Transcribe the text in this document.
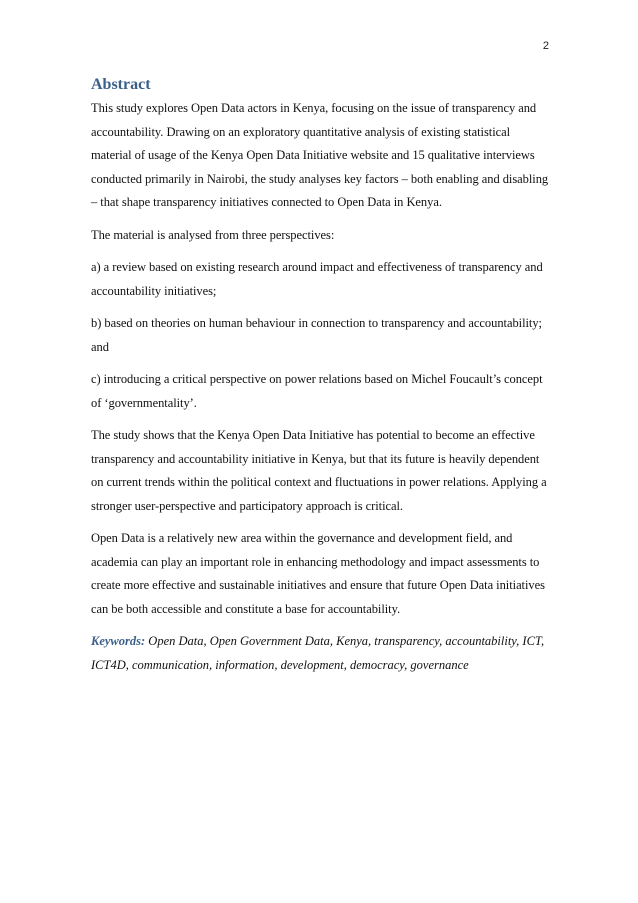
2
Abstract

This study explores Open Data actors in Kenya, focusing on the issue of transparency and accountability. Drawing on an exploratory quantitative analysis of existing statistical material of usage of the Kenya Open Data Initiative website and 15 qualitative interviews conducted primarily in Nairobi, the study analyses key factors – both enabling and disabling – that shape transparency initiatives connected to Open Data in Kenya.

The material is analysed from three perspectives:

a) a review based on existing research around impact and effectiveness of transparency and accountability initiatives;

b) based on theories on human behaviour in connection to transparency and accountability; and

c) introducing a critical perspective on power relations based on Michel Foucault’s concept of ‘governmentality’.

The study shows that the Kenya Open Data Initiative has potential to become an effective transparency and accountability initiative in Kenya, but that its future is heavily dependent on current trends within the political context and fluctuations in power relations. Applying a stronger user-perspective and participatory approach is critical.

Open Data is a relatively new area within the governance and development field, and academia can play an important role in enhancing methodology and impact assessments to create more effective and sustainable initiatives and ensure that future Open Data initiatives can be both accessible and constitute a base for accountability.

Keywords: Open Data, Open Government Data, Kenya, transparency, accountability, ICT, ICT4D, communication, information, development, democracy, governance
